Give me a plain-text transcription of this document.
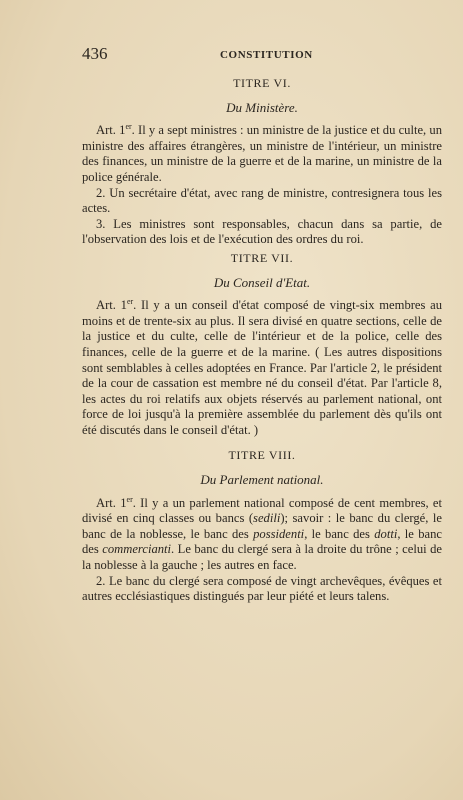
436	CONSTITUTION

TITRE VI.

Du Ministère.

Art. 1er. Il y a sept ministres : un ministre de la justice et du culte, un ministre des affaires étrangères, un ministre de l'intérieur, un ministre des finances, un ministre de la guerre et de la marine, un ministre de la police générale.

2. Un secrétaire d'état, avec rang de ministre, contresignera tous les actes.

3. Les ministres sont responsables, chacun dans sa partie, de l'observation des lois et de l'exécution des ordres du roi.

TITRE VII.

Du Conseil d'Etat.

Art. 1er. Il y a un conseil d'état composé de vingt-six membres au moins et de trente-six au plus. Il sera divisé en quatre sections, celle de la justice et du culte, celle de l'intérieur et de la police, celle des finances, celle de la guerre et de la marine. ( Les autres dispositions sont semblables à celles adoptées en France. Par l'article 2, le président de la cour de cassation est membre né du conseil d'état. Par l'article 8, les actes du roi relatifs aux objets réservés au parlement national, ont force de loi jusqu'à la première assemblée du parlement dès qu'ils ont été discutés dans le conseil d'état. )

TITRE VIII.

Du Parlement national.

Art. 1er. Il y a un parlement national composé de cent membres, et divisé en cinq classes ou bancs (sedili); savoir : le banc du clergé, le banc de la noblesse, le banc des possidenti, le banc des dotti, le banc des commercianti. Le banc du clergé sera à la droite du trône ; celui de la noblesse à la gauche ; les autres en face.

2. Le banc du clergé sera composé de vingt archevêques, évêques et autres ecclésiastiques distingués par leur piété et leurs talens.
